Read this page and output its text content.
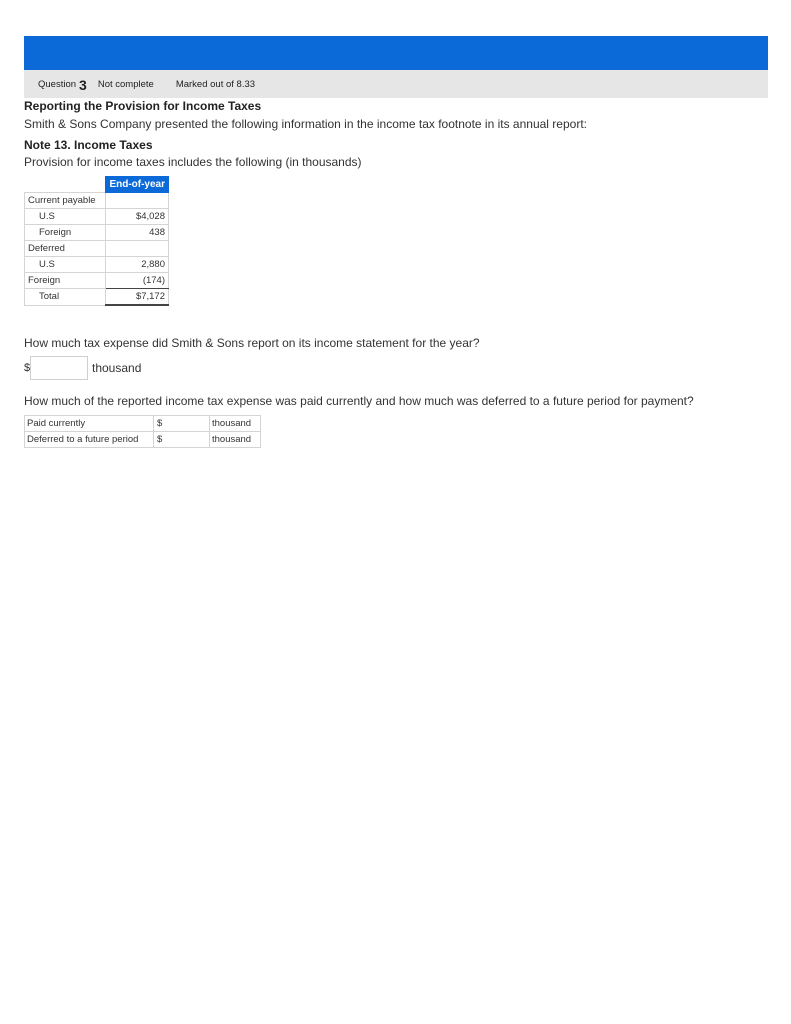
Question 3 Not complete Marked out of 8.33
Reporting the Provision for Income Taxes
Smith & Sons Company presented the following information in the income tax footnote in its annual report:
Note 13. Income Taxes
Provision for income taxes includes the following (in thousands)
	End-of-year
Current payable	
U.S	$4,028
Foreign	438
Deferred	
U.S	2,880
Foreign	(174)
Total	$7,172
How much tax expense did Smith & Sons report on its income statement for the year?
$	thousand
How much of the reported income tax expense was paid currently and how much was deferred to a future period for payment?
Paid currently	$	thousand
Deferred to a future period	$	thousand
